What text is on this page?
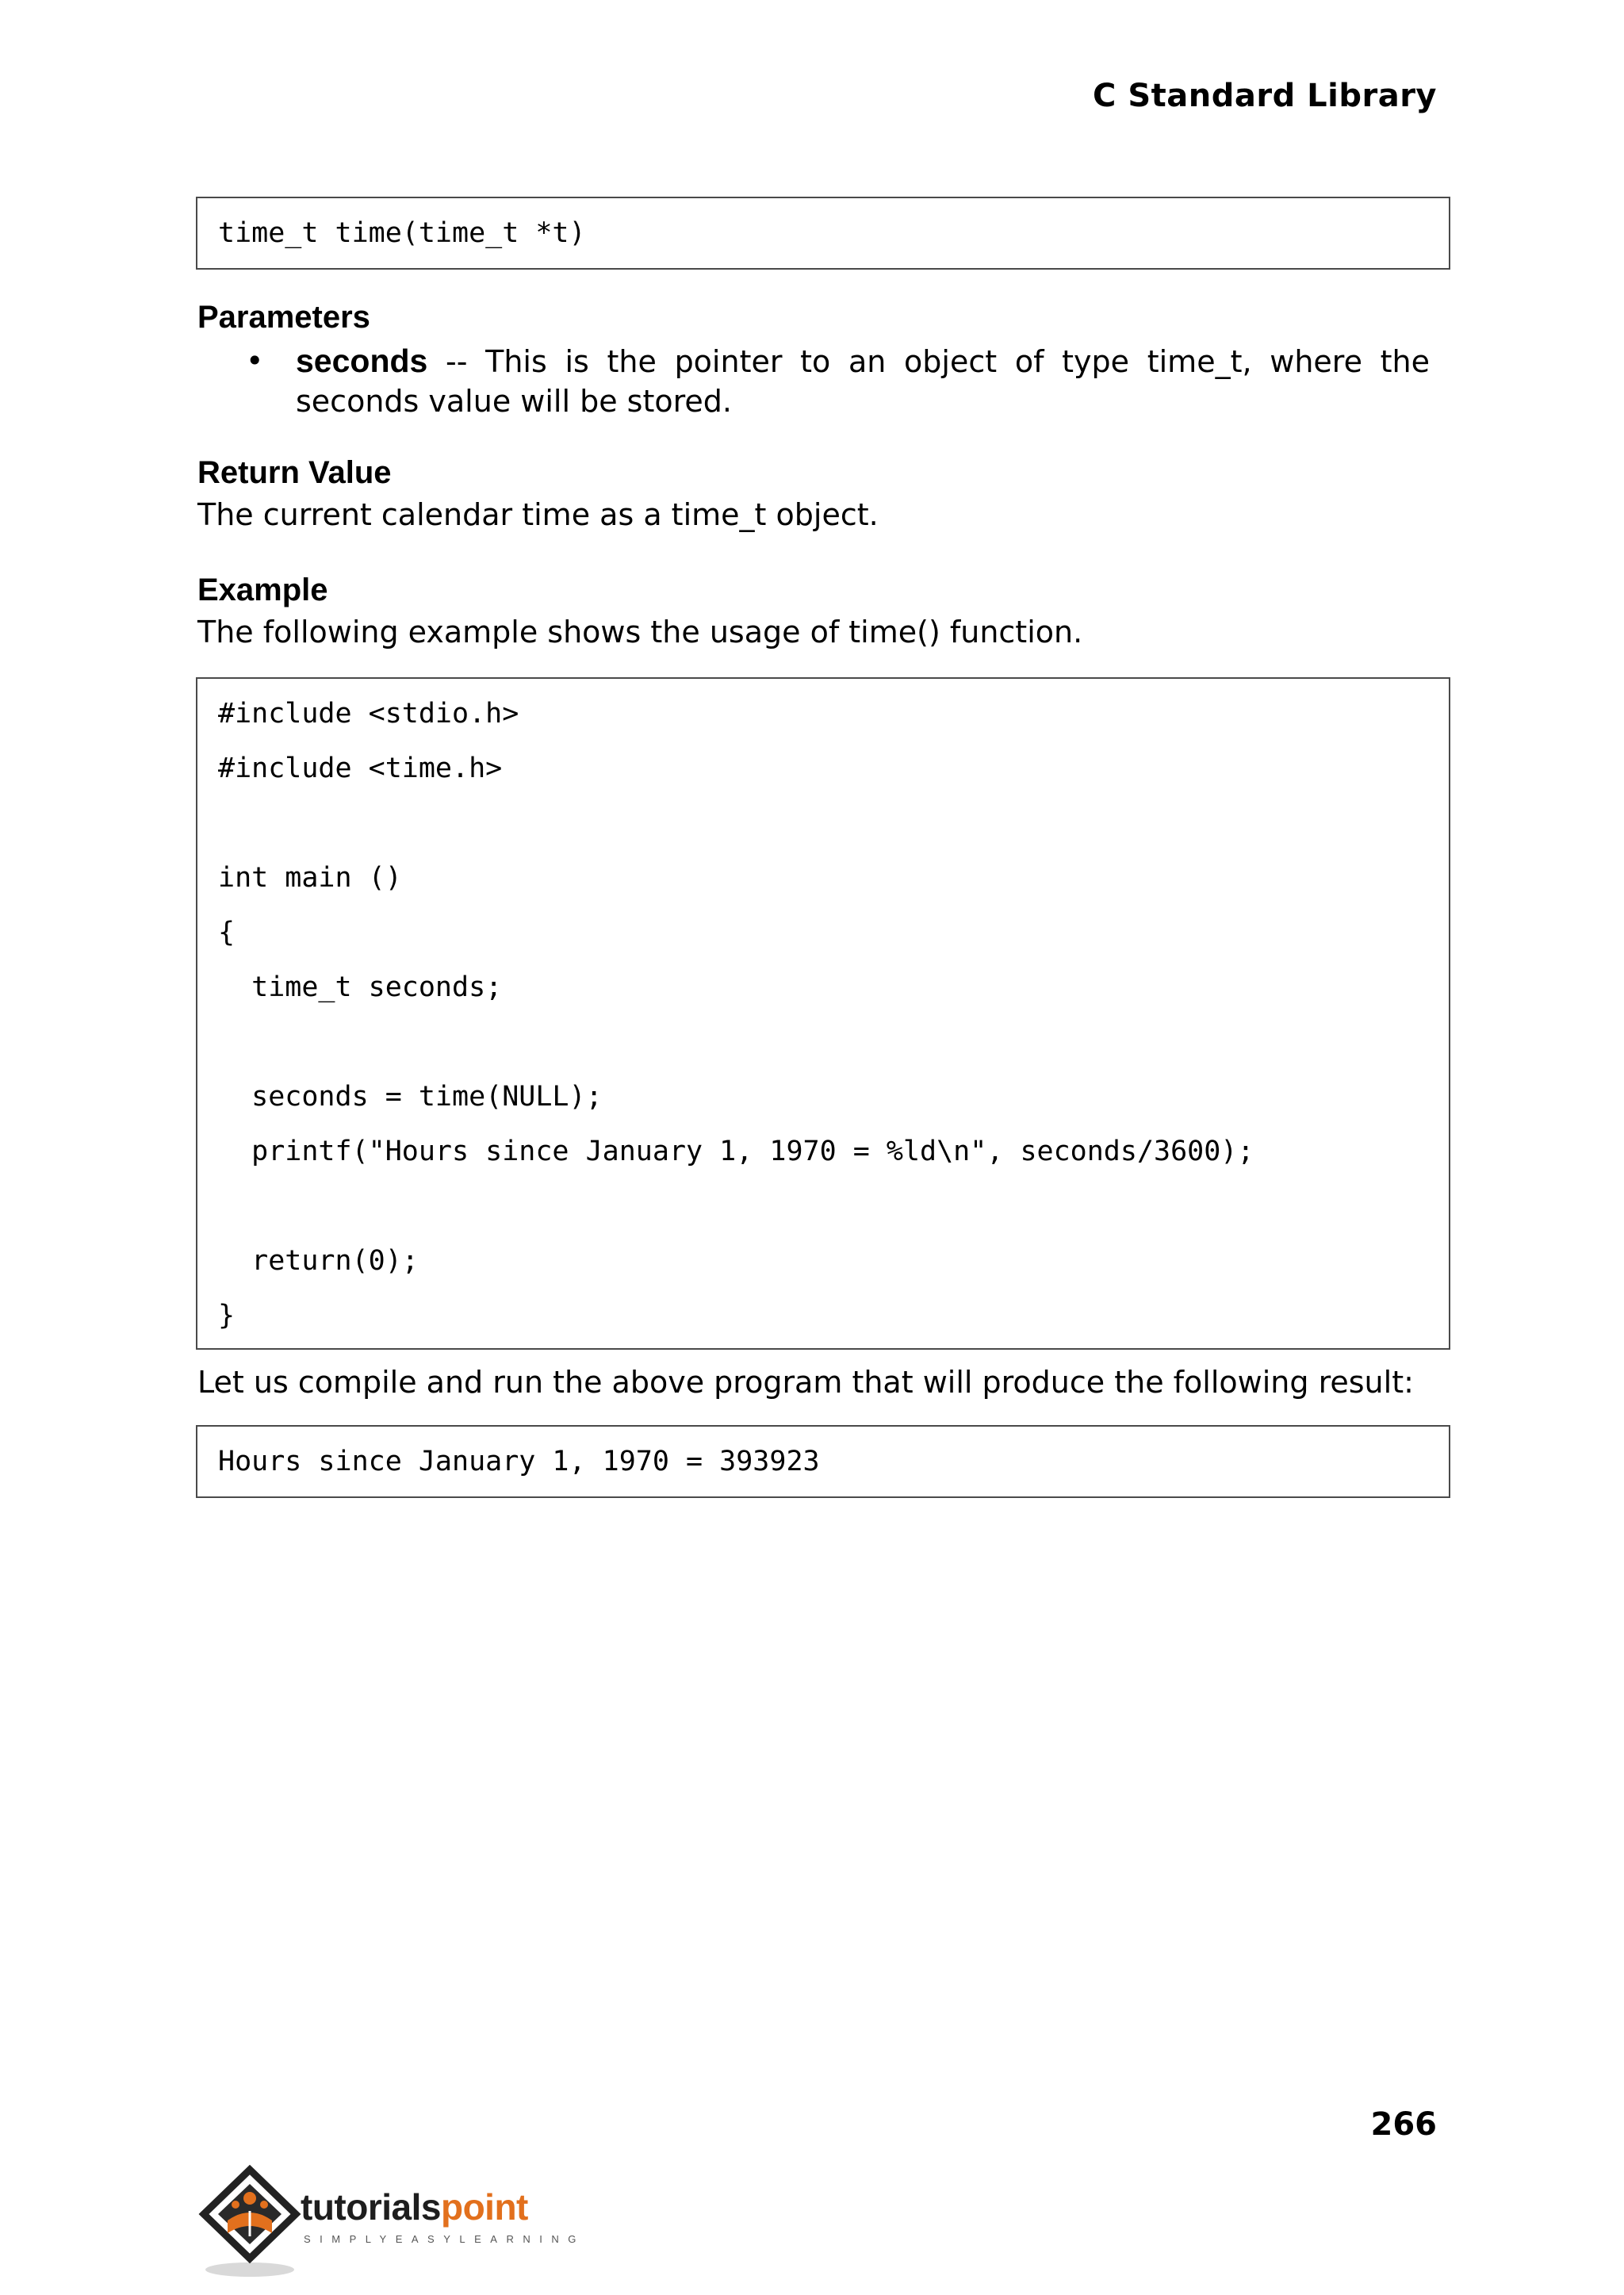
C Standard Library
time_t time(time_t *t)
Parameters
• seconds -- This is the pointer to an object of type time_t, where the seconds value will be stored.
Return Value
The current calendar time as a time_t object.
Example
The following example shows the usage of time() function.
#include <stdio.h>
#include <time.h>
int main ()
{
time_t seconds;
seconds = time(NULL);
printf("Hours since January 1, 1970 = %ld\n", seconds/3600);
return(0);
}
Let us compile and run the above program that will produce the following result:
Hours since January 1, 1970 = 393923
266
tutorialspoint
SIMPLYEASYLEARNING
